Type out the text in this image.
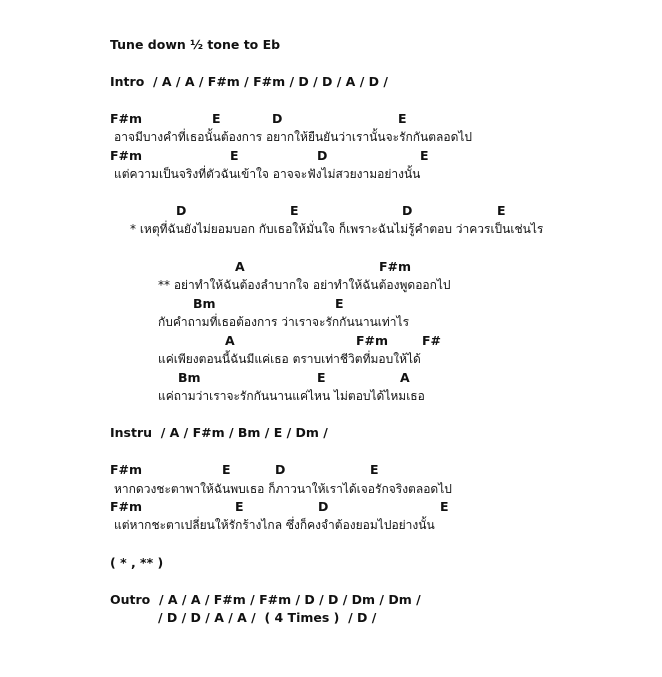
Tune down ½ tone to Eb
Intro  / A / A / F#m / F#m / D / D / A / D /
F#m	E	D	E
อาจมีบางคำที่เธอนั้นต้องการ อยากให้ยืนยันว่าเรานั้นจะรักกันตลอดไป
F#m	E	D	E
แต่ความเป็นจริงที่ตัวฉันเข้าใจ อาจจะฟังไม่สวยงามอย่างนั้น
D	E	D	E
* เหตุที่ฉันยังไม่ยอมบอก กับเธอให้มั่นใจ ก็เพราะฉันไม่รู้คำตอบ ว่าควรเป็นเช่นไร
A	F#m
** อย่าทำให้ฉันต้องลำบากใจ อย่าทำให้ฉันต้องพูดออกไป
Bm	E
กับคำถามที่เธอต้องการ ว่าเราจะรักกันนานเท่าไร
A	F#m	F#
แค่เพียงตอนนี้ฉันมีแค่เธอ ตราบเท่าชีวิตที่มอบให้ได้
Bm	E	A
แค่ถามว่าเราจะรักกันนานแค่ไหน ไม่ตอบได้ไหมเธอ
Instru  / A / F#m / Bm / E / Dm /
F#m	E	D	E
หากดวงชะตาพาให้ฉันพบเธอ ก็ภาวนาให้เราได้เจอรักจริงตลอดไป
F#m	E	D	E
แต่หากชะตาเปลี่ยนให้รักร้างไกล ซึ่งก็คงจำต้องยอมไปอย่างนั้น
( * , ** )
Outro  / A / A / F#m / F#m / D / D / Dm / Dm /
/ D / D / A / A /  ( 4 Times )  / D /
